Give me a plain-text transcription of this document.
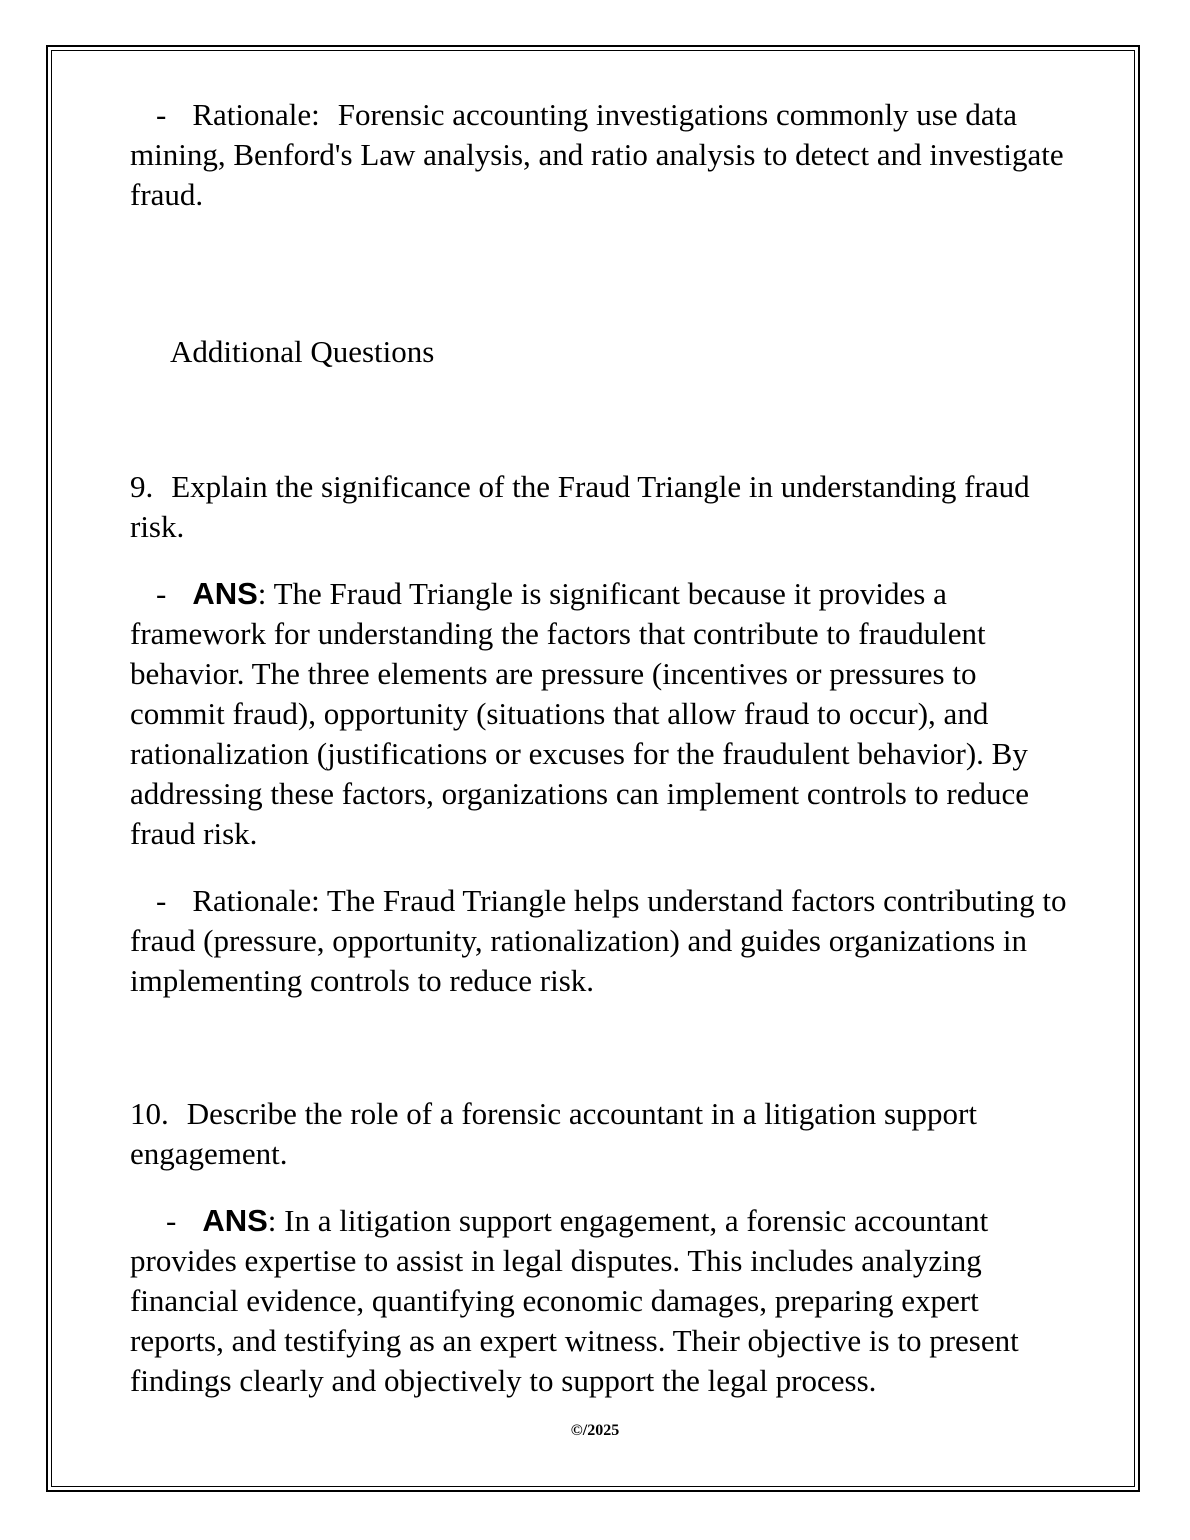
- Rationale: Forensic accounting investigations commonly use data mining, Benford's Law analysis, and ratio analysis to detect and investigate fraud.

Additional Questions

9. Explain the significance of the Fraud Triangle in understanding fraud risk.

- ANS: The Fraud Triangle is significant because it provides a framework for understanding the factors that contribute to fraudulent behavior. The three elements are pressure (incentives or pressures to commit fraud), opportunity (situations that allow fraud to occur), and rationalization (justifications or excuses for the fraudulent behavior). By addressing these factors, organizations can implement controls to reduce fraud risk.

- Rationale: The Fraud Triangle helps understand factors contributing to fraud (pressure, opportunity, rationalization) and guides organizations in implementing controls to reduce risk.

10. Describe the role of a forensic accountant in a litigation support engagement.

- ANS: In a litigation support engagement, a forensic accountant provides expertise to assist in legal disputes. This includes analyzing financial evidence, quantifying economic damages, preparing expert reports, and testifying as an expert witness. Their objective is to present findings clearly and objectively to support the legal process.

©/2025
